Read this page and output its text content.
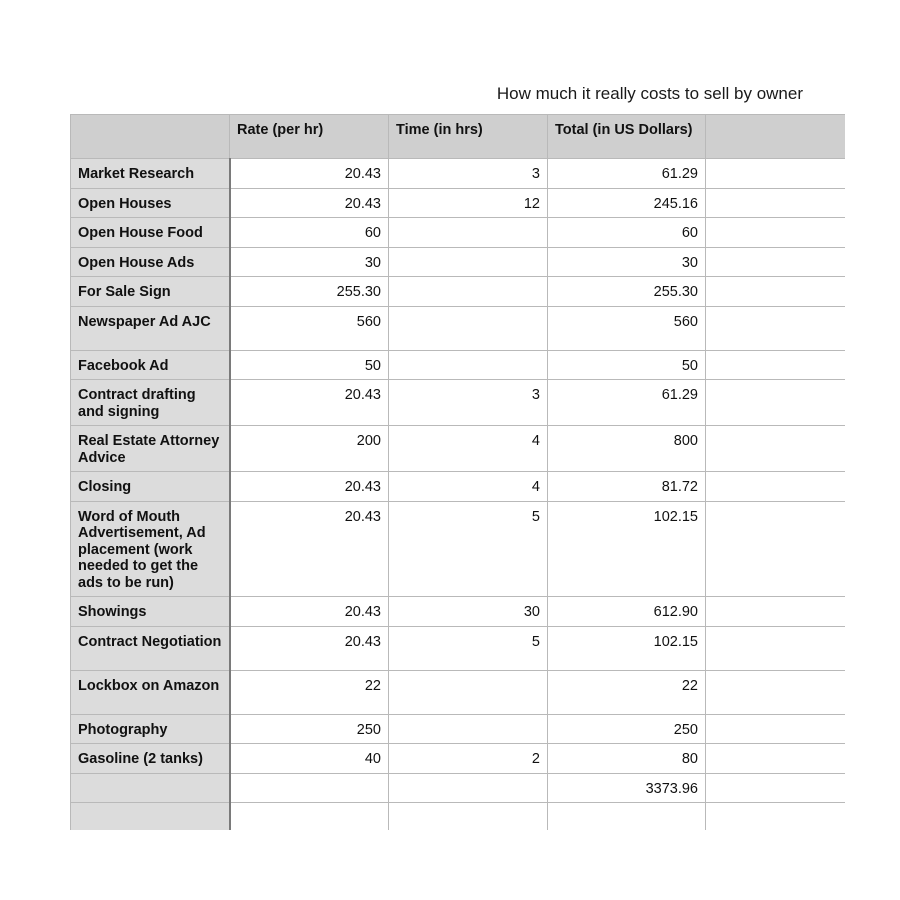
How much it really costs to sell by owner
	Rate (per hr)	Time (in hrs)	Total (in US Dollars)	
Market Research	20.43	3	61.29	
Open Houses	20.43	12	245.16	
Open House Food	60		60	
Open House Ads	30		30	
For Sale Sign	255.30		255.30	
Newspaper Ad AJC	560		560	
Facebook Ad	50		50	
Contract drafting and signing	20.43	3	61.29	
Real Estate Attorney Advice	200	4	800	
Closing	20.43	4	81.72	
Word of Mouth Advertisement, Ad placement (work needed to get the ads to be run)	20.43	5	102.15	
Showings	20.43	30	612.90	
Contract Negotiation	20.43	5	102.15	
Lockbox on Amazon	22		22	
Photography	250		250	
Gasoline (2 tanks)	40	2	80	
			3373.96	
